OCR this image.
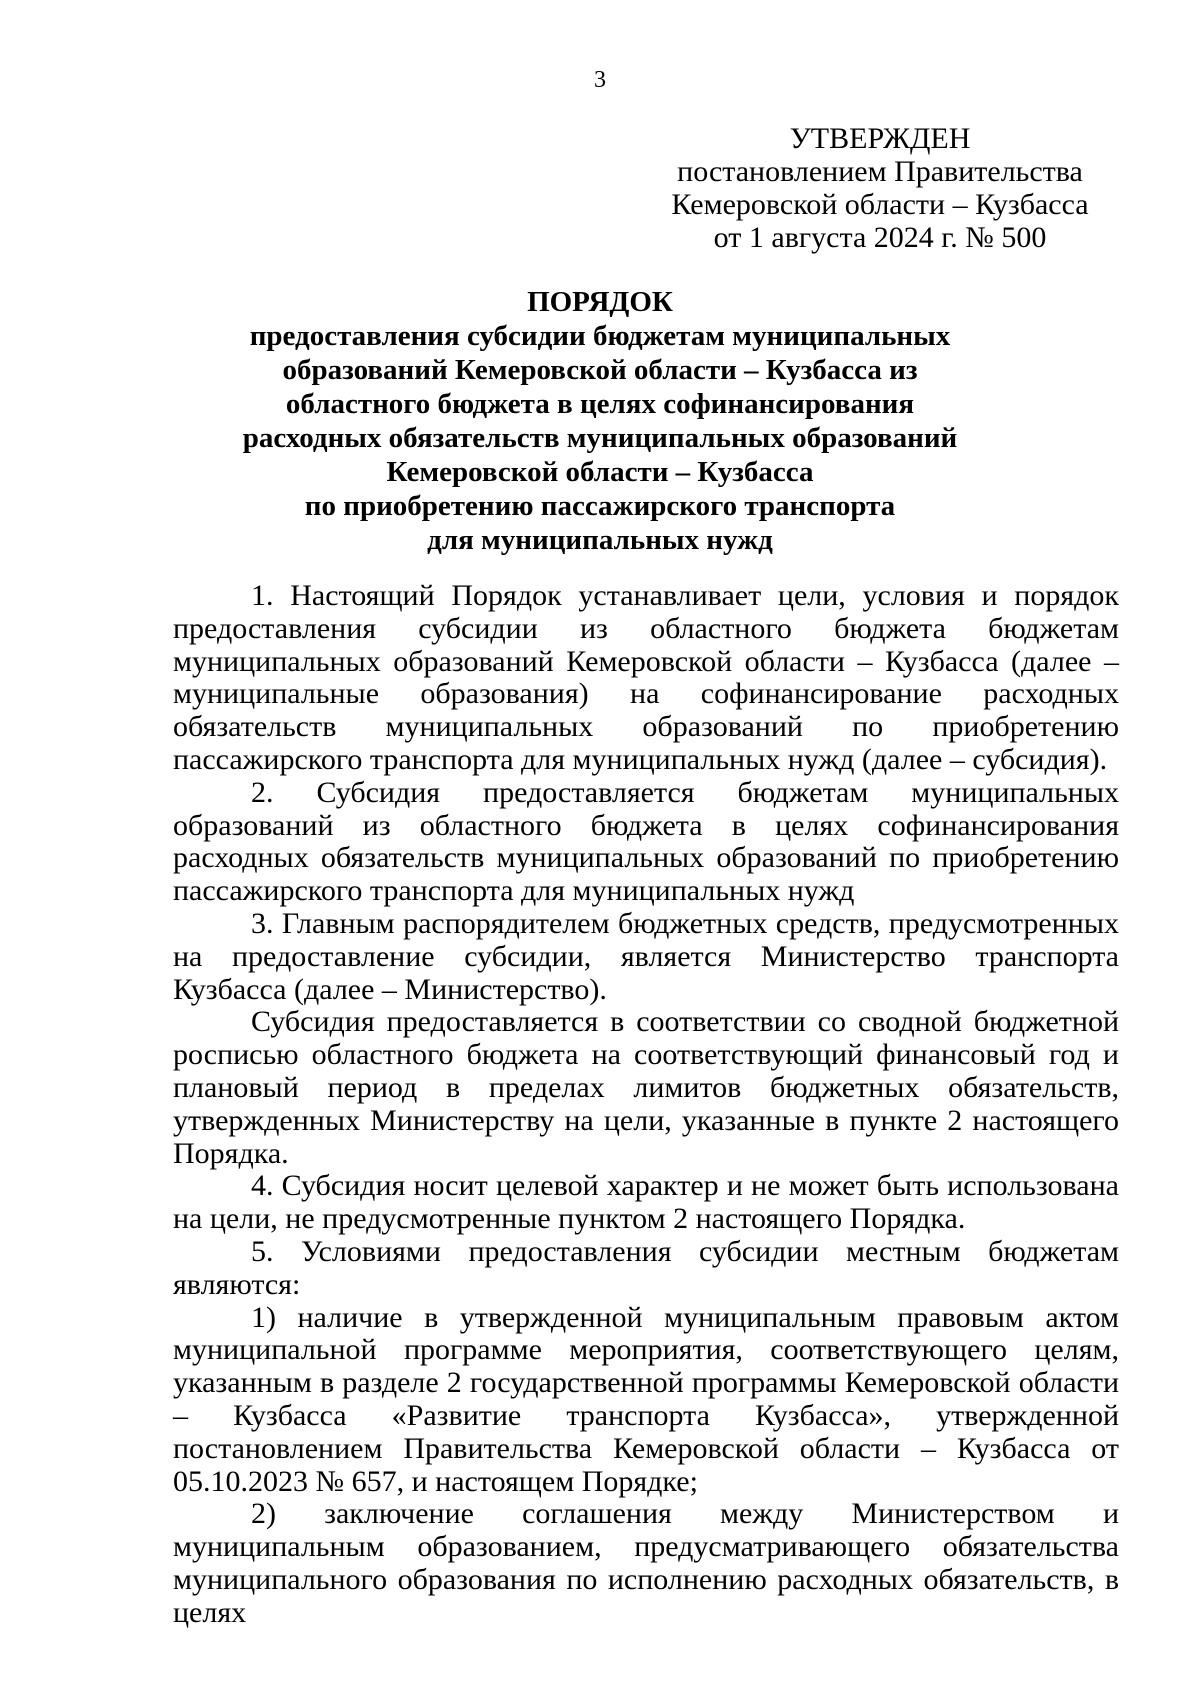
3
УТВЕРЖДЕН
постановлением Правительства
Кемеровской области – Кузбасса
от 1 августа 2024 г. № 500
ПОРЯДОК
предоставления субсидии бюджетам муниципальных
образований Кемеровской области – Кузбасса из
областного бюджета в целях софинансирования
расходных обязательств муниципальных образований
Кемеровской области – Кузбасса
по приобретению пассажирского транспорта
для муниципальных нужд

1. Настоящий Порядок устанавливает цели, условия и порядок предоставления субсидии из областного бюджета бюджетам муниципальных образований Кемеровской области – Кузбасса (далее – муниципальные образования) на софинансирование расходных обязательств муниципальных образований по приобретению пассажирского транспорта для муниципальных нужд (далее – субсидия).

2. Субсидия предоставляется бюджетам муниципальных образований из областного бюджета в целях софинансирования расходных обязательств муниципальных образований по приобретению пассажирского транспорта для муниципальных нужд

3. Главным распорядителем бюджетных средств, предусмотренных на предоставление субсидии, является Министерство транспорта Кузбасса (далее – Министерство).

Субсидия предоставляется в соответствии со сводной бюджетной росписью областного бюджета на соответствующий финансовый год и плановый период в пределах лимитов бюджетных обязательств, утвержденных Министерству на цели, указанные в пункте 2 настоящего Порядка.

4. Субсидия носит целевой характер и не может быть использована на цели, не предусмотренные пунктом 2 настоящего Порядка.

5. Условиями предоставления субсидии местным бюджетам являются:

1) наличие в утвержденной муниципальным правовым актом муниципальной программе мероприятия, соответствующего целям, указанным в разделе 2 государственной программы Кемеровской области – Кузбасса «Развитие транспорта Кузбасса», утвержденной постановлением Правительства Кемеровской области – Кузбасса от 05.10.2023 № 657, и настоящем Порядке;

2) заключение соглашения между Министерством и муниципальным образованием, предусматривающего обязательства муниципального образования по исполнению расходных обязательств, в целях
